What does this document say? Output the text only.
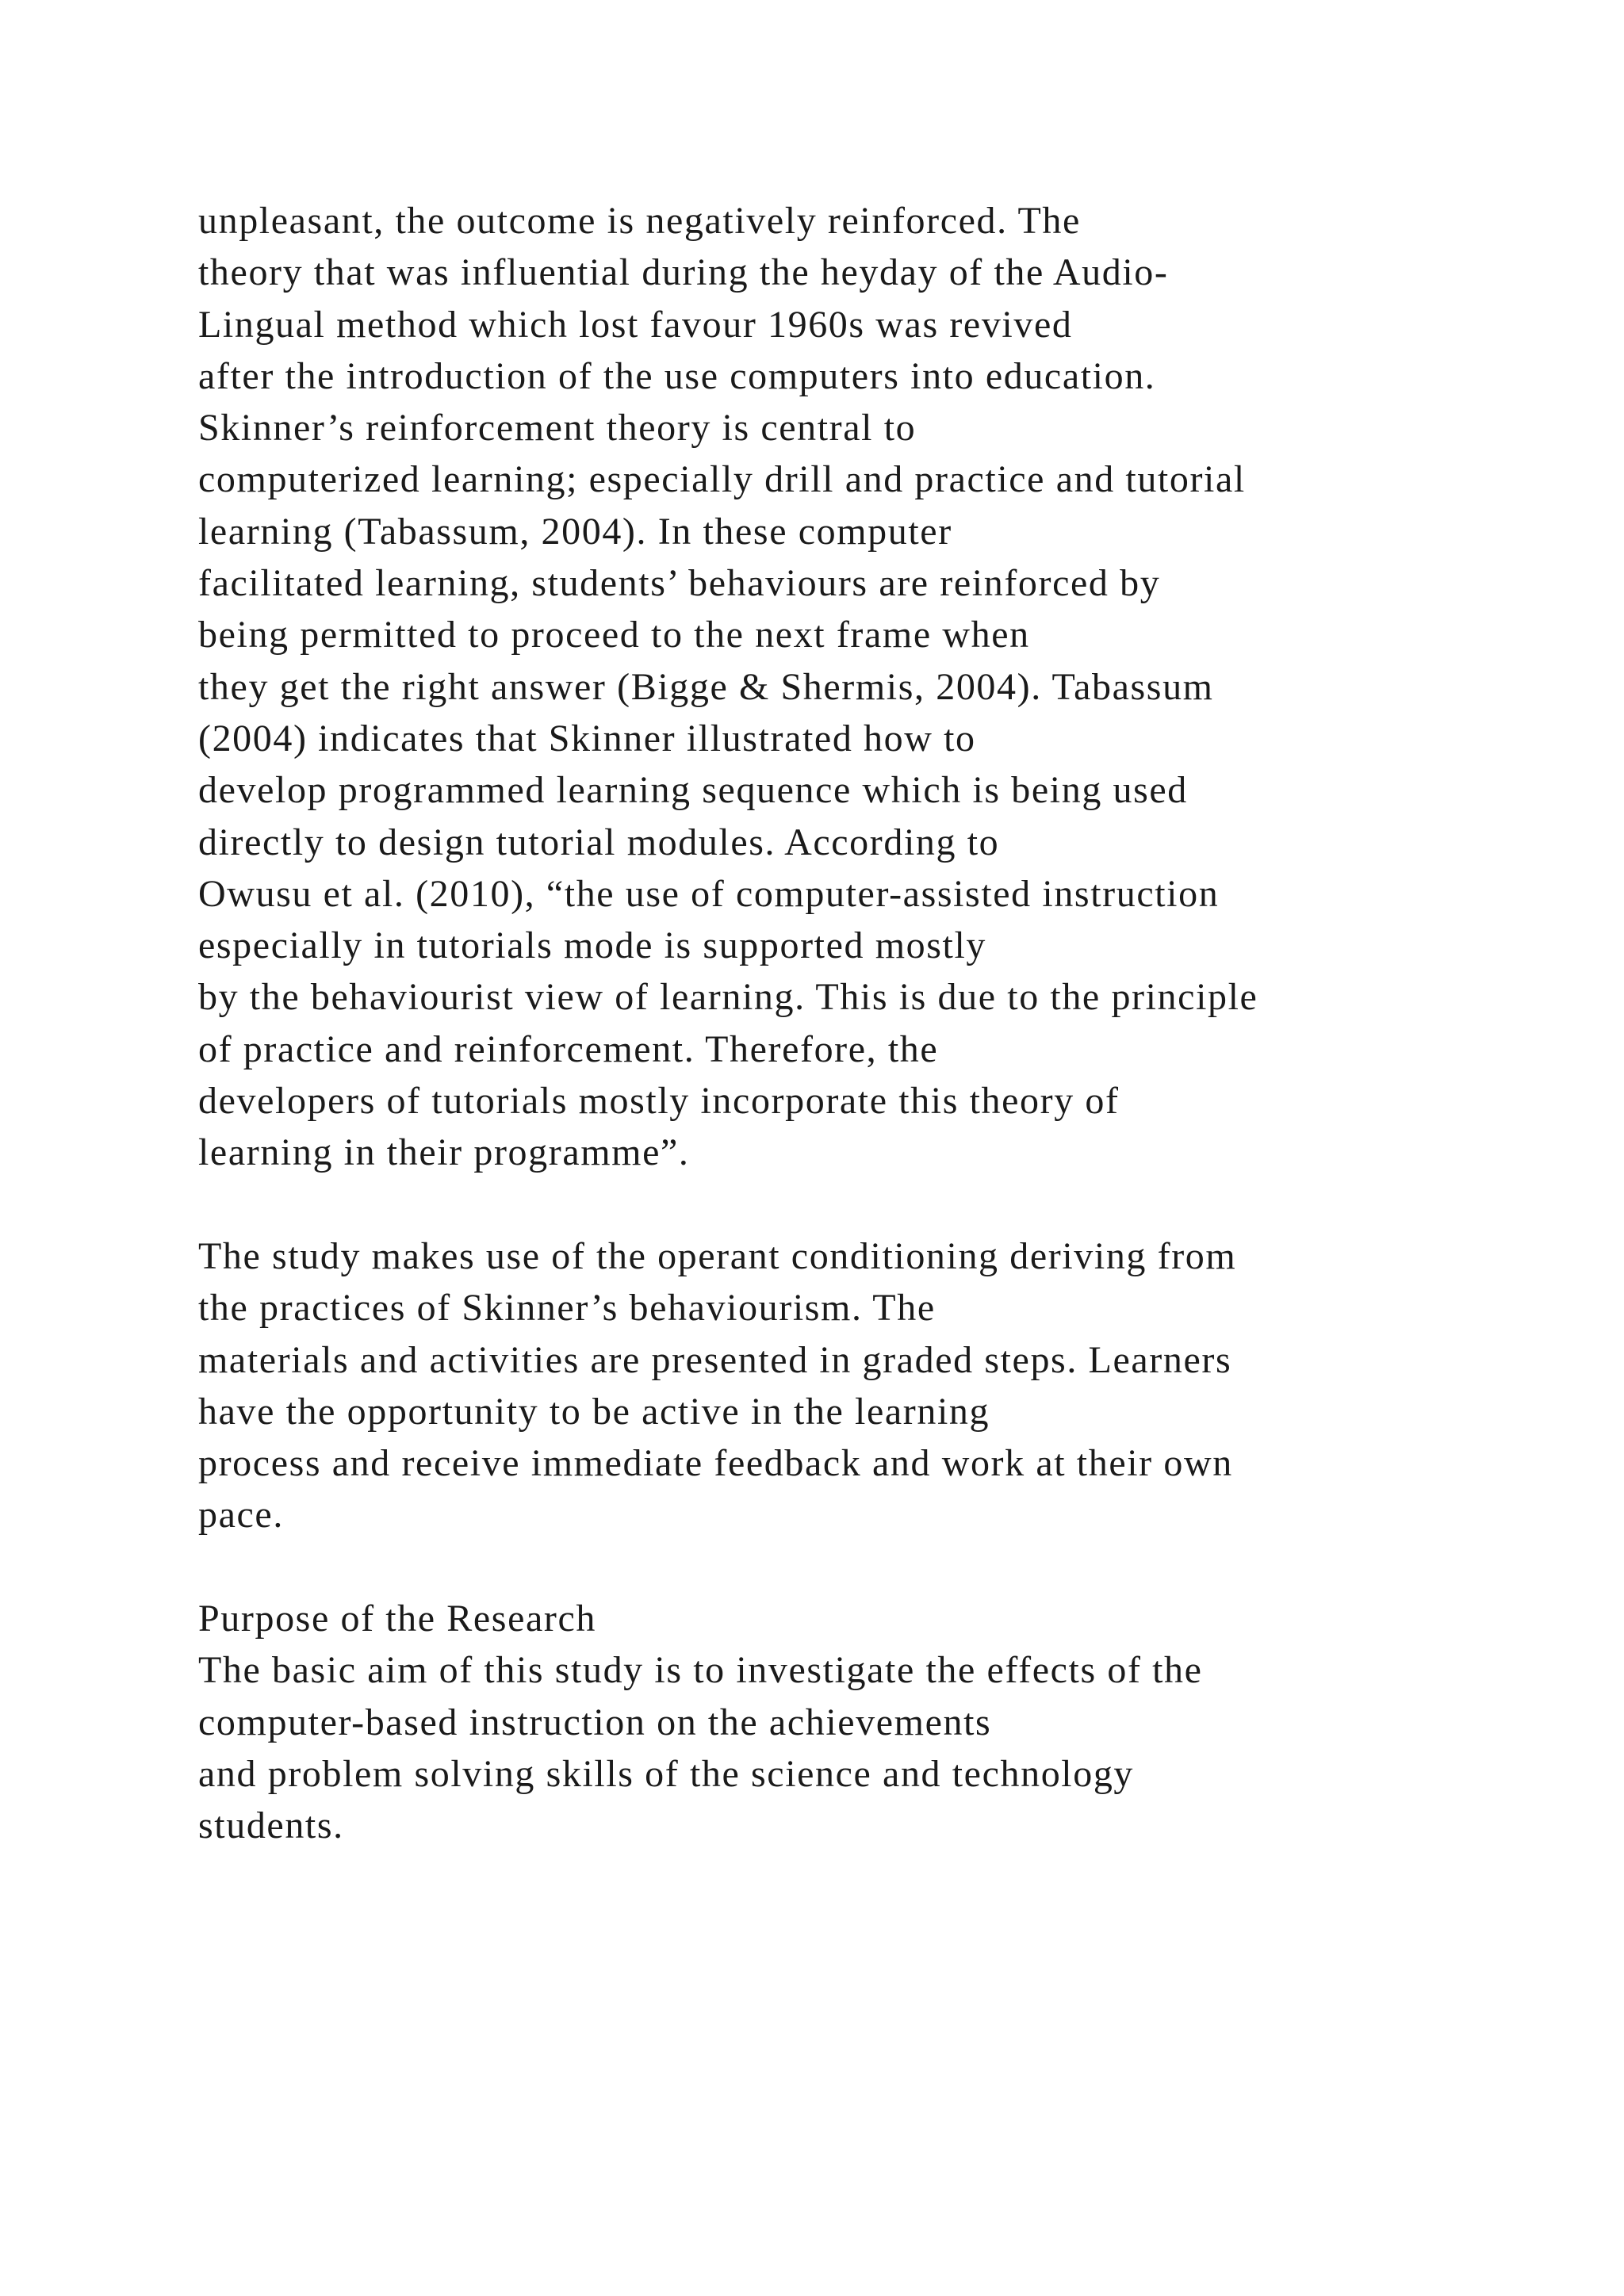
unpleasant, the outcome is negatively reinforced. The
theory that was influential during the heyday of the Audio-
Lingual method which lost favour 1960s was revived
after the introduction of the use computers into education.
Skinner’s reinforcement theory is central to
computerized learning; especially drill and practice and tutorial
learning (Tabassum, 2004). In these computer
facilitated learning, students’ behaviours are reinforced by
being permitted to proceed to the next frame when
they get the right answer (Bigge & Shermis, 2004). Tabassum
(2004) indicates that Skinner illustrated how to
develop programmed learning sequence which is being used
directly to design tutorial modules. According to
Owusu et al. (2010), “the use of computer-assisted instruction
especially in tutorials mode is supported mostly
by the behaviourist view of learning. This is due to the principle
of practice and reinforcement. Therefore, the
developers of tutorials mostly incorporate this theory of
learning in their programme”.
The study makes use of the operant conditioning deriving from
the practices of Skinner’s behaviourism. The
materials and activities are presented in graded steps. Learners
have the opportunity to be active in the learning
process and receive immediate feedback and work at their own
pace.
Purpose of the Research
The basic aim of this study is to investigate the effects of the
computer-based instruction on the achievements
and problem solving skills of the science and technology
students.
